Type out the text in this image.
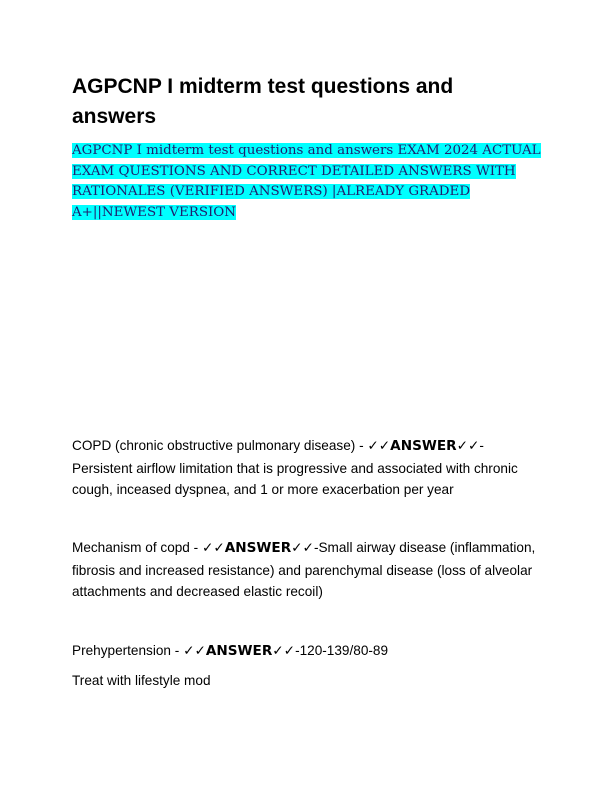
AGPCNP I midterm test questions and answers

AGPCNP I midterm test questions and answers EXAM 2024 ACTUAL EXAM QUESTIONS AND CORRECT DETAILED ANSWERS WITH RATIONALES (VERIFIED ANSWERS) |ALREADY GRADED A+||NEWEST VERSION

COPD (chronic obstructive pulmonary disease) - ✓✓ANSWER✓✓-Persistent airflow limitation that is progressive and associated with chronic cough, inceased dyspnea, and 1 or more exacerbation per year

Mechanism of copd - ✓✓ANSWER✓✓-Small airway disease (inflammation, fibrosis and increased resistance) and parenchymal disease (loss of alveolar attachments and decreased elastic recoil)

Prehypertension - ✓✓ANSWER✓✓-120-139/80-89

Treat with lifestyle mod
